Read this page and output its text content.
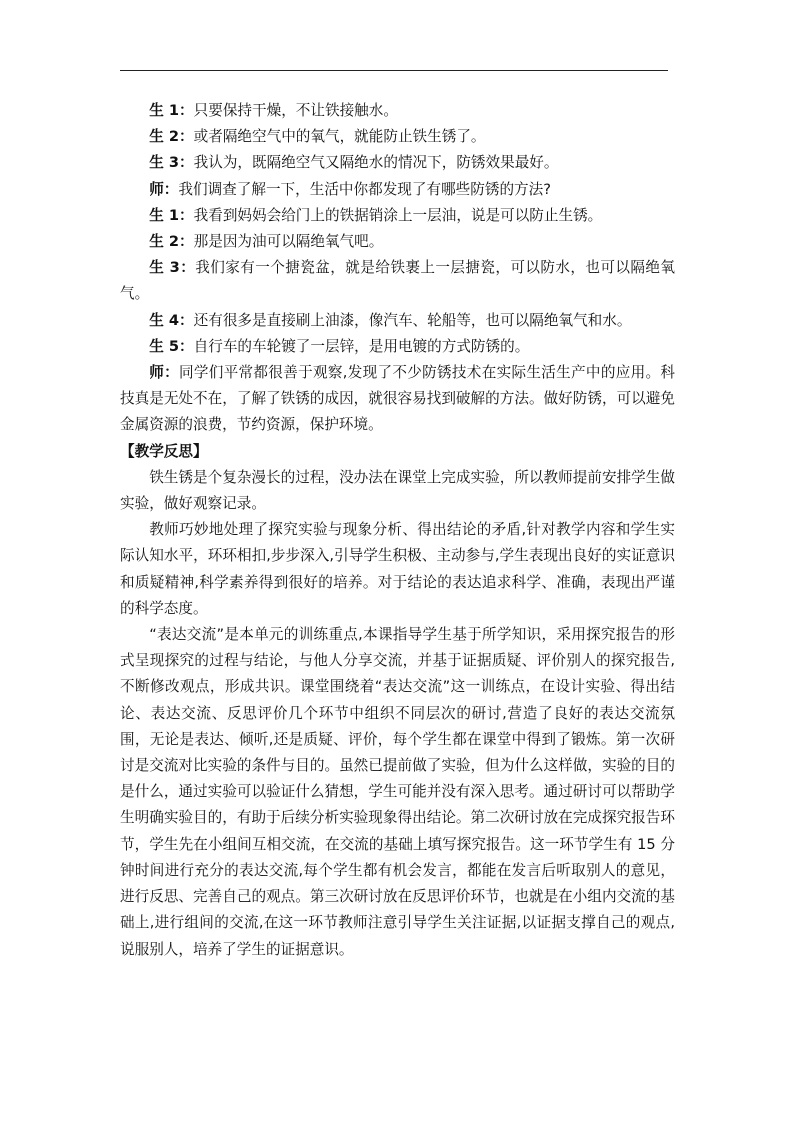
生 1：只要保持干燥，不让铁接触水。

生 2：或者隔绝空气中的氧气，就能防止铁生锈了。

生 3：我认为，既隔绝空气又隔绝水的情况下，防锈效果最好。

师：我们调查了解一下，生活中你都发现了有哪些防锈的方法?

生 1：我看到妈妈会给门上的铁据销涂上一层油，说是可以防止生锈。

生 2：那是因为油可以隔绝氧气吧。

生 3：我们家有一个搪瓷盆，就是给铁裹上一层搪瓷，可以防水，也可以隔绝氧气。

生 4：还有很多是直接刷上油漆，像汽车、轮船等，也可以隔绝氧气和水。

生 5：自行车的车轮镀了一层锌，是用电镀的方式防锈的。

师：同学们平常都很善于观察,发现了不少防锈技术在实际生活生产中的应用。科技真是无处不在，了解了铁锈的成因，就很容易找到破解的方法。做好防锈，可以避免金属资源的浪费，节约资源，保护环境。

【教学反思】

铁生锈是个复杂漫长的过程，没办法在课堂上完成实验，所以教师提前安排学生做实验，做好观察记录。

教师巧妙地处理了探究实验与现象分析、得出结论的矛盾,针对教学内容和学生实际认知水平，环环相扣,步步深入,引导学生积极、主动参与,学生表现出良好的实证意识和质疑精神,科学素养得到很好的培养。对于结论的表达追求科学、准确，表现出严谨的科学态度。

“表达交流”是本单元的训练重点,本课指导学生基于所学知识，采用探究报告的形式呈现探究的过程与结论，与他人分享交流，并基于证据质疑、评价别人的探究报告,不断修改观点，形成共识。课堂围绕着“表达交流”这一训练点，在设计实验、得出结论、表达交流、反思评价几个环节中组织不同层次的研讨,营造了良好的表达交流氛围，无论是表达、倾听,还是质疑、评价，每个学生都在课堂中得到了锻炼。第一次研讨是交流对比实验的条件与目的。虽然已提前做了实验，但为什么这样做，实验的目的是什么，通过实验可以验证什么猜想，学生可能并没有深入思考。通过研讨可以帮助学生明确实验目的，有助于后续分析实验现象得出结论。第二次研讨放在完成探究报告环节，学生先在小组间互相交流，在交流的基础上填写探究报告。这一环节学生有 15 分钟时间进行充分的表达交流,每个学生都有机会发言，都能在发言后听取别人的意见，进行反思、完善自己的观点。第三次研讨放在反思评价环节，也就是在小组内交流的基础上,进行组间的交流,在这一环节教师注意引导学生关注证据,以证据支撑自己的观点,说服别人，培养了学生的证据意识。
